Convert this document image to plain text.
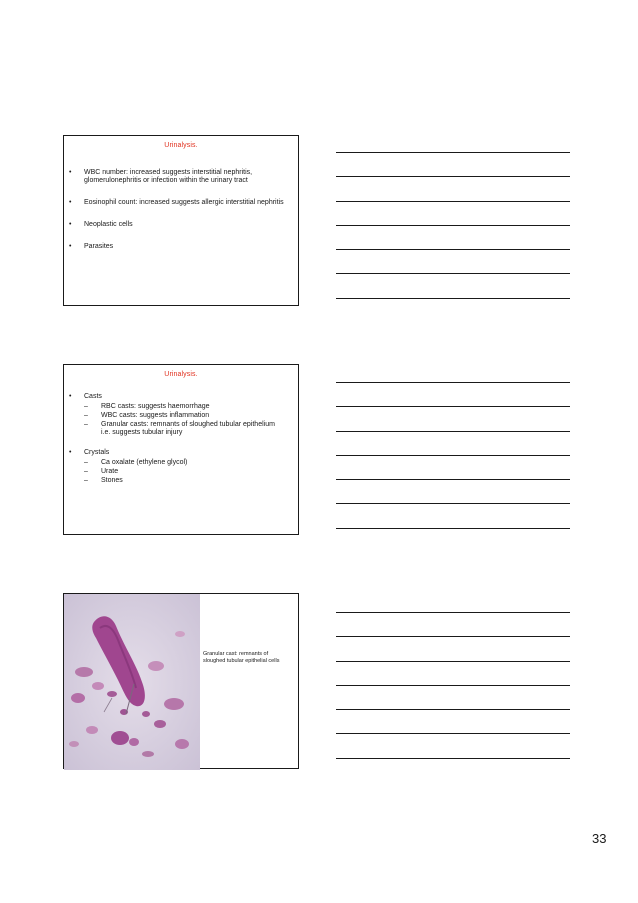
Urinalysis.
• WBC number: increased suggests interstitial nephritis, glomerulonephritis or infection within the urinary tract
• Eosinophil count: increased suggests allergic interstitial nephritis
• Neoplastic cells
• Parasites
Urinalysis.
• Casts
– RBC casts: suggests haemorrhage
– WBC casts: suggests inflammation
– Granular casts: remnants of sloughed tubular epithelium i.e. suggests tubular injury
• Crystals
– Ca oxalate (ethylene glycol)
– Urate
– Stones
Granular cast: remnants of sloughed tubular epithelial cells
33
